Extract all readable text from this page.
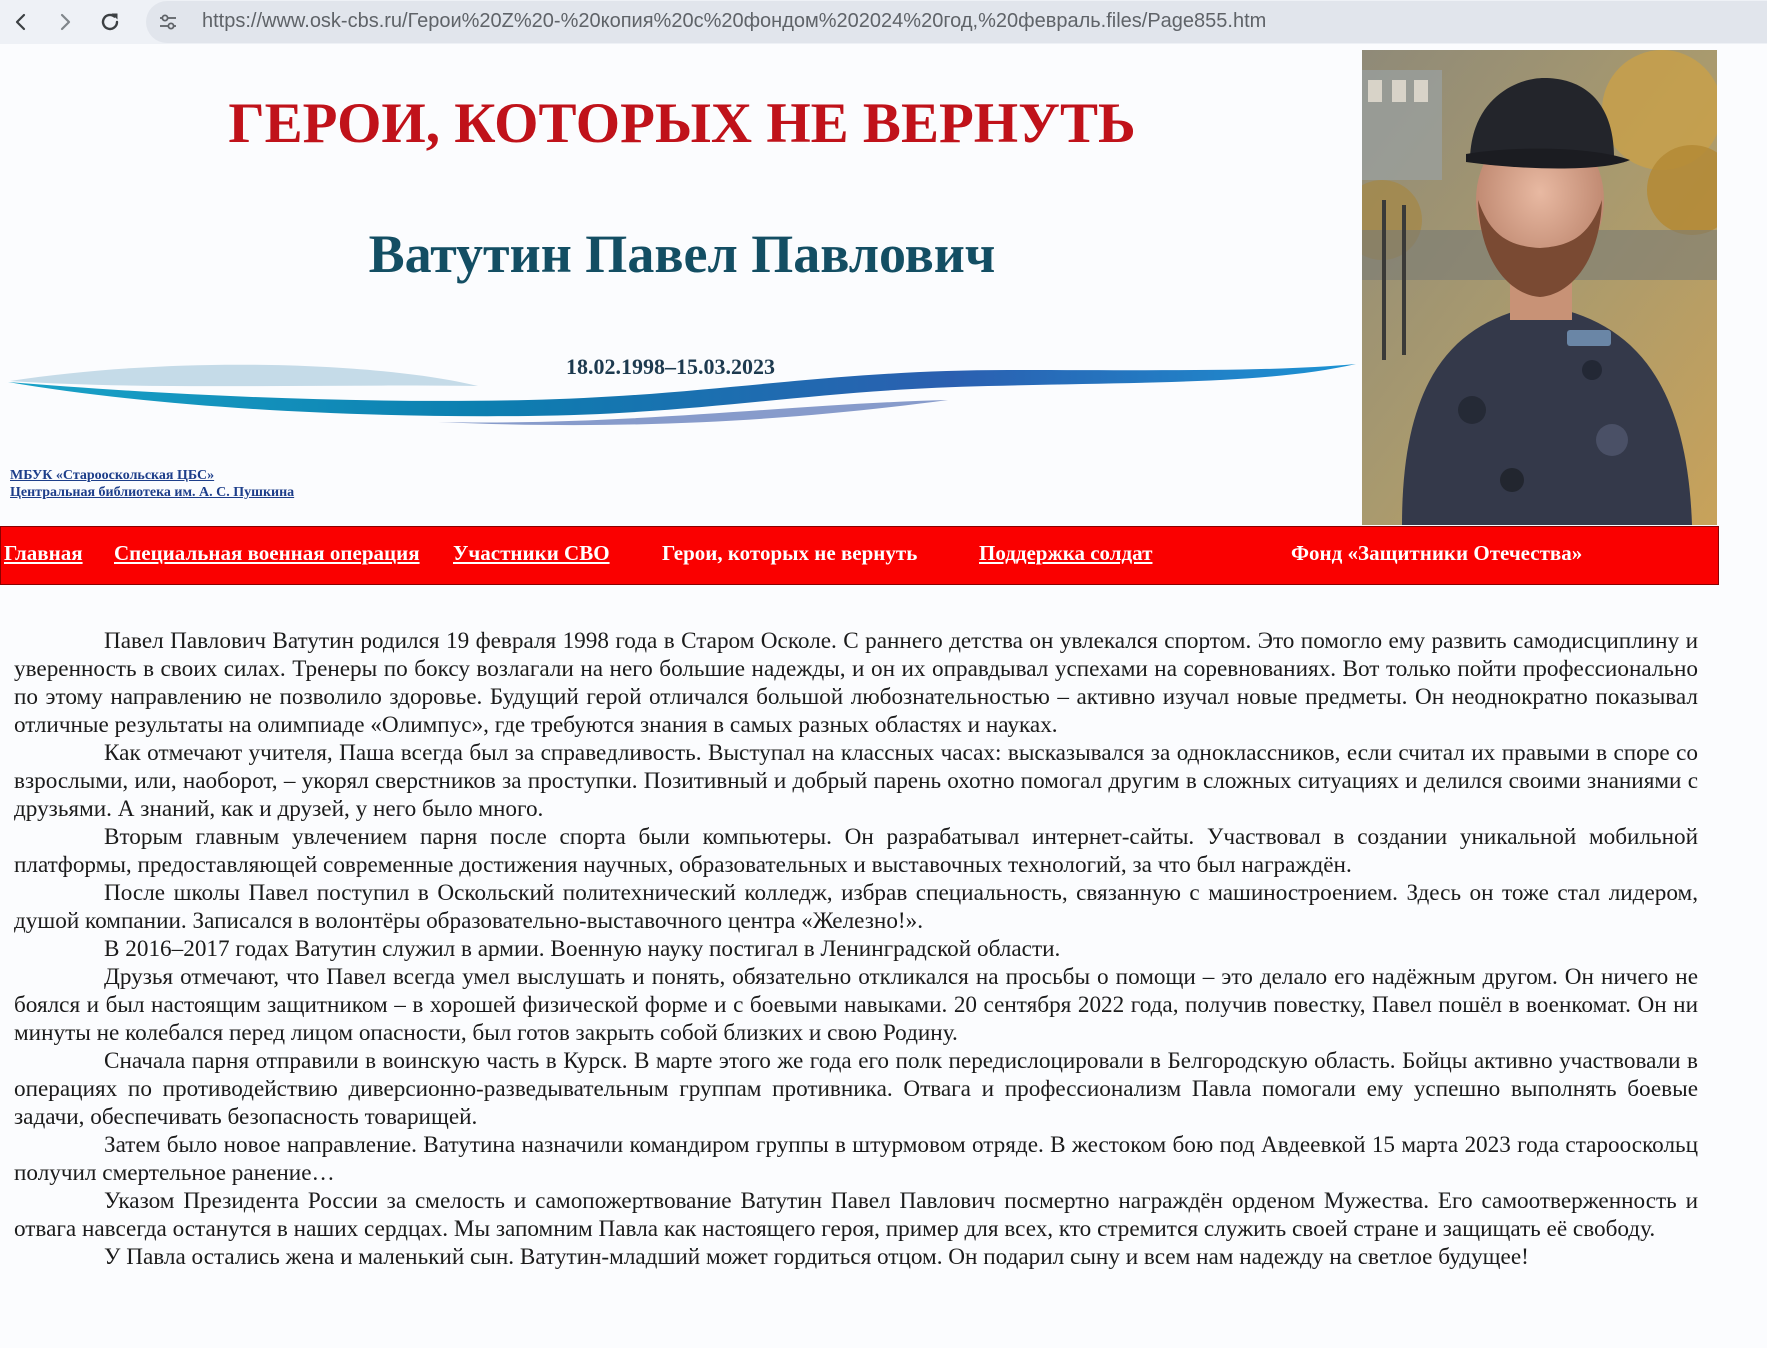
https://www.osk-cbs.ru/Герои%20Z%20-%20копия%20с%20фондом%202024%20год,%20февраль.files/Page855.htm
ГЕРОИ, КОТОРЫХ НЕ ВЕРНУТЬ
Ватутин Павел Павлович
18.02.1998–15.03.2023
МБУК «Старооскольская ЦБС»
Центральная библиотека им. А. С. Пушкина
Главная Специальная военная операция Участники СВО Герои, которых не вернуть	Поддержка солдат	Фонд «Защитники Отечества»

Павел Павлович Ватутин родился 19 февраля 1998 года в Старом Осколе. С раннего детства он увлекался спортом. Это помогло ему развить самодисциплину и уверенность в своих силах. Тренеры по боксу возлагали на него большие надежды, и он их оправдывал успехами на соревнованиях. Вот только пойти профессионально по этому направлению не позволило здоровье. Будущий герой отличался большой любознательностью – активно изучал новые предметы. Он неоднократно показывал отличные результаты на олимпиаде «Олимпус», где требуются знания в самых разных областях и науках.

Как отмечают учителя, Паша всегда был за справедливость. Выступал на классных часах: высказывался за одноклассников, если считал их правыми в споре со взрослыми, или, наоборот, – укорял сверстников за проступки. Позитивный и добрый парень охотно помогал другим в сложных ситуациях и делился своими знаниями с друзьями. А знаний, как и друзей, у него было много.

Вторым главным увлечением парня после спорта были компьютеры. Он разрабатывал интернет-сайты. Участвовал в создании уникальной мобильной платформы, предоставляющей современные достижения научных, образовательных и выставочных технологий, за что был награждён.

После школы Павел поступил в Оскольский политехнический колледж, избрав специальность, связанную с машиностроением. Здесь он тоже стал лидером, душой компании. Записался в волонтёры образовательно-выставочного центра «Железно!».

В 2016–2017 годах Ватутин служил в армии. Военную науку постигал в Ленинградской области.

Друзья отмечают, что Павел всегда умел выслушать и понять, обязательно откликался на просьбы о помощи – это делало его надёжным другом. Он ничего не боялся и был настоящим защитником – в хорошей физической форме и с боевыми навыками. 20 сентября 2022 года, получив повестку, Павел пошёл в военкомат. Он ни минуты не колебался перед лицом опасности, был готов закрыть собой близких и свою Родину.

Сначала парня отправили в воинскую часть в Курск. В марте этого же года его полк передислоцировали в Белгородскую область. Бойцы активно участвовали в операциях по противодействию диверсионно-разведывательным группам противника. Отвага и профессионализм Павла помогали ему успешно выполнять боевые задачи, обеспечивать безопасность товарищей.

Затем было новое направление. Ватутина назначили командиром группы в штурмовом отряде. В жестоком бою под Авдеевкой 15 марта 2023 года старооскольц получил смертельное ранение…

Указом Президента России за смелость и самопожертвование Ватутин Павел Павлович посмертно награждён орденом Мужества. Его самоотверженность и отвага навсегда останутся в наших сердцах. Мы запомним Павла как настоящего героя, пример для всех, кто стремится служить своей стране и защищать её свободу.

У Павла остались жена и маленький сын. Ватутин-младший может гордиться отцом. Он подарил сыну и всем нам надежду на светлое будущее!
